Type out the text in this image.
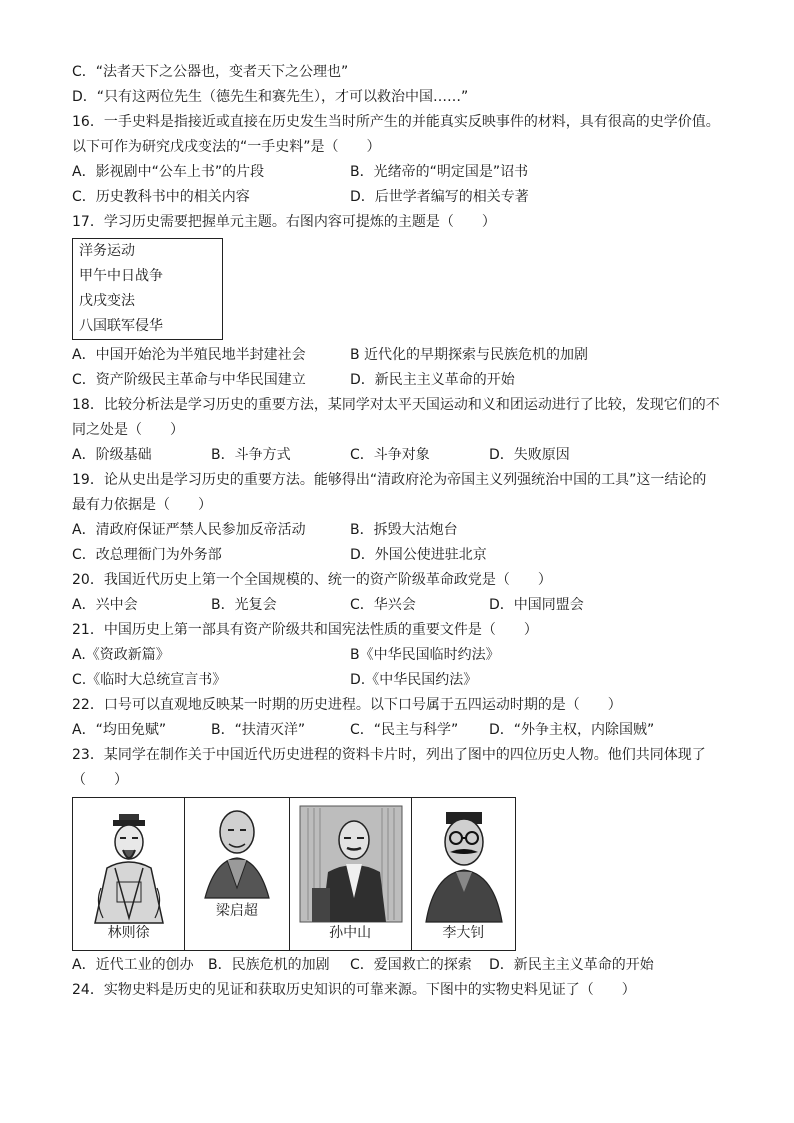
C．“法者天下之公器也，变者天下之公理也”
D．“只有这两位先生（德先生和赛先生），才可以救治中国……”
16．一手史料是指接近或直接在历史发生当时所产生的并能真实反映事件的材料，具有很高的史学价值。
以下可作为研究戊戌变法的“一手史料”是（　　）
A．影视剧中“公车上书”的片段	B．光绪帝的“明定国是”诏书
C．历史教科书中的相关内容	D．后世学者编写的相关专著
17．学习历史需要把握单元主题。右图内容可提炼的主题是（　　）
洋务运动
甲午中日战争
戊戌变法
八国联军侵华
A．中国开始沦为半殖民地半封建社会	B 近代化的早期探索与民族危机的加剧
C．资产阶级民主革命与中华民国建立	D．新民主主义革命的开始
18．比较分析法是学习历史的重要方法，某同学对太平天国运动和义和团运动进行了比较，发现它们的不
同之处是（　　）
A．阶级基础	B．斗争方式	C．斗争对象	D．失败原因
19．论从史出是学习历史的重要方法。能够得出“清政府沦为帝国主义列强统治中国的工具”这一结论的
最有力依据是（　　）
A．清政府保证严禁人民参加反帝活动	B．拆毁大沽炮台
C．改总理衙门为外务部	D．外国公使进驻北京
20．我国近代历史上第一个全国规模的、统一的资产阶级革命政党是（　　）
A．兴中会	B．光复会	C．华兴会	D．中国同盟会
21．中国历史上第一部具有资产阶级共和国宪法性质的重要文件是（　　）
A.《资政新篇》	B《中华民国临时约法》
C.《临时大总统宣言书》	D.《中华民国约法》
22．口号可以直观地反映某一时期的历史进程。以下口号属于五四运动时期的是（　　）
A．“均田免赋”	B．“扶清灭洋”	C．“民主与科学”	D．“外争主权，内除国贼”
23．某同学在制作关于中国近代历史进程的资料卡片时，列出了图中的四位历史人物。他们共同体现了
（　　）
林则徐
梁启超
孙中山	李大钊
A．近代工业的创办	B．民族危机的加剧	C．爱国救亡的探索	D．新民主主义革命的开始
24．实物史料是历史的见证和获取历史知识的可靠来源。下图中的实物史料见证了（　　）
